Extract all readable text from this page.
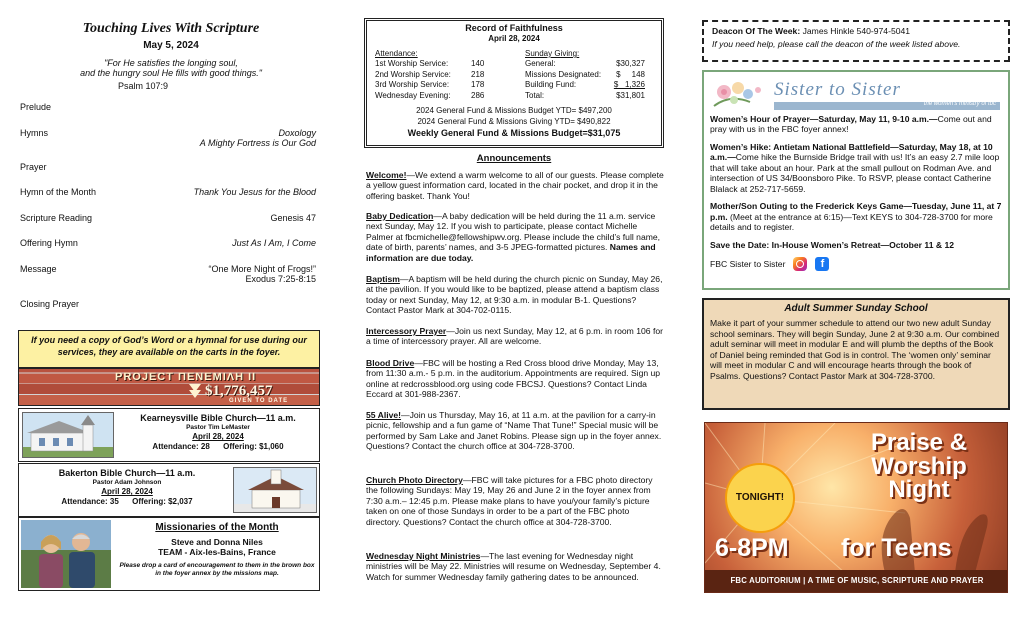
Touching Lives With Scripture
May 5, 2024
"For He satisfies the longing soul,
and the hungry soul He fills with good things."
Psalm 107:9
Prelude
Hymns	Doxology
A Mighty Fortress is Our God
Prayer
Hymn of the Month	Thank You Jesus for the Blood
Scripture Reading	Genesis 47
Offering Hymn	Just As I Am, I Come
Message	“One More Night of Frogs!”
Exodus 7:25-8:15
Closing Prayer
If you need a copy of God’s Word or a hymnal for use during our services, they are available on the carts in the foyer.
PROJECT ΠΕΝΕΜΙΛΗ II
$1,776,457
GIVEN TO DATE
Kearneysville Bible Church—11 a.m.
Pastor Tim LeMaster
April 28, 2024
Attendance: 28      Offering: $1,060
Bakerton Bible Church—11 a.m.
Pastor Adam Johnson
April 28, 2024
Attendance: 35      Offering: $2,037
Missionaries of the Month
Steve and Donna Niles
TEAM - Aix-les-Bains, France
Please drop a card of encouragement to them in the brown box in the foyer annex by the missions map.
Record of Faithfulness
April 28, 2024
Attendance:
1st Worship Service:	140
2nd Worship Service:	218
3rd Worship Service:	178
Wednesday Evening:	286
Sunday Giving:
General:	$30,327
Missions Designated: $     148
Building Fund:	$   1,326
Total:	$31,801
2024 General Fund & Missions Budget YTD= $497,200
2024 General Fund & Missions Giving YTD= $490,822
Weekly General Fund & Missions Budget=$31,075
Announcements
Welcome!—We extend a warm welcome to all of our guests. Please complete a yellow guest information card, located in the chair pocket, and drop it in the offering basket. Thank You!
Baby Dedication—A baby dedication will be held during the 11 a.m. service next Sunday, May 12. If you wish to participate, please contact Michelle Palmer at fbcmichelle@fellowshipwv.org. Please include the child’s full name, date of birth, parents’ names, and 3-5 JPEG-formatted pictures. Names and information are due today.
Baptism—A baptism will be held during the church picnic on Sunday, May 26, at the pavilion. If you would like to be baptized, please attend a baptism class today or next Sunday, May 12, at 9:30 a.m. in modular B-1. Questions? Contact Pastor Mark at 304-702-0115.
Intercessory Prayer—Join us next Sunday, May 12, at 6 p.m. in room 106 for a time of intercessory prayer. All are welcome.
Blood Drive—FBC will be hosting a Red Cross blood drive Monday, May 13, from 11:30 a.m.- 5 p.m. in the auditorium. Appointments are required. Sign up online at redcrossblood.org using code FBCSJ. Questions? Contact Linda Eccard at 301-988-2367.
55 Alive!—Join us Thursday, May 16, at 11 a.m. at the pavilion for a carry-in picnic, fellowship and a fun game of “Name That Tune!” Special music will be performed by Sam Lake and Janet Robins. Please sign up in the foyer annex. Questions? Contact the church office at 304-728-3700.
Church Photo Directory—FBC will take pictures for a FBC photo directory the following Sundays: May 19, May 26 and June 2 in the foyer annex from 7:30 a.m.– 12:45 p.m. Please make plans to have you/your family’s picture taken on one of those Sundays in order to be a part of the FBC photo directory. Questions? Contact the church office at 304-728-3700.
Wednesday Night Ministries—The last evening for Wednesday night ministries will be May 22. Ministries will resume on Wednesday, September 4. Watch for summer Wednesday family gathering dates to be announced.
Deacon Of The Week: James Hinkle 540-974-5041
If you need help, please call the deacon of the week listed above.
Sister to Sister
the women's ministry of fbc

Women’s Hour of Prayer—Saturday, May 11, 9-10 a.m.—Come out and pray with us in the FBC foyer annex!

Women’s Hike: Antietam National Battlefield—Saturday, May 18, at 10 a.m.—Come hike the Burnside Bridge trail with us! It’s an easy 2.7 mile loop that will take about an hour. Park at the small pullout on Rodman Ave. and intersection of US 34/Boonsboro Pike. To RSVP, please contact Catherine Blalack at 252-717-5659.

Mother/Son Outing to the Frederick Keys Game—Tuesday, June 11, at 7 p.m. (Meet at the entrance at 6:15)—Text KEYS to 304-728-3700 for more details and to register.

Save the Date: In-House Women’s Retreat—October 11 & 12

FBC Sister to Sister	f
Adult Summer Sunday School
Make it part of your summer schedule to attend our two new adult Sunday school seminars. They will begin Sunday, June 2 at 9:30 a.m. Our combined adult seminar will meet in modular E and will plumb the depths of the Book of Daniel being reminded that God is in control. The ‘women only’ seminar will meet in modular C and will encourage hearts through the book of Psalms. Questions? Contact Pastor Mark at 304-728-3700.
TONIGHT!
Praise &
Worship
Night
6-8PM for Teens
FBC AUDITORIUM | A TIME OF MUSIC, SCRIPTURE AND PRAYER
